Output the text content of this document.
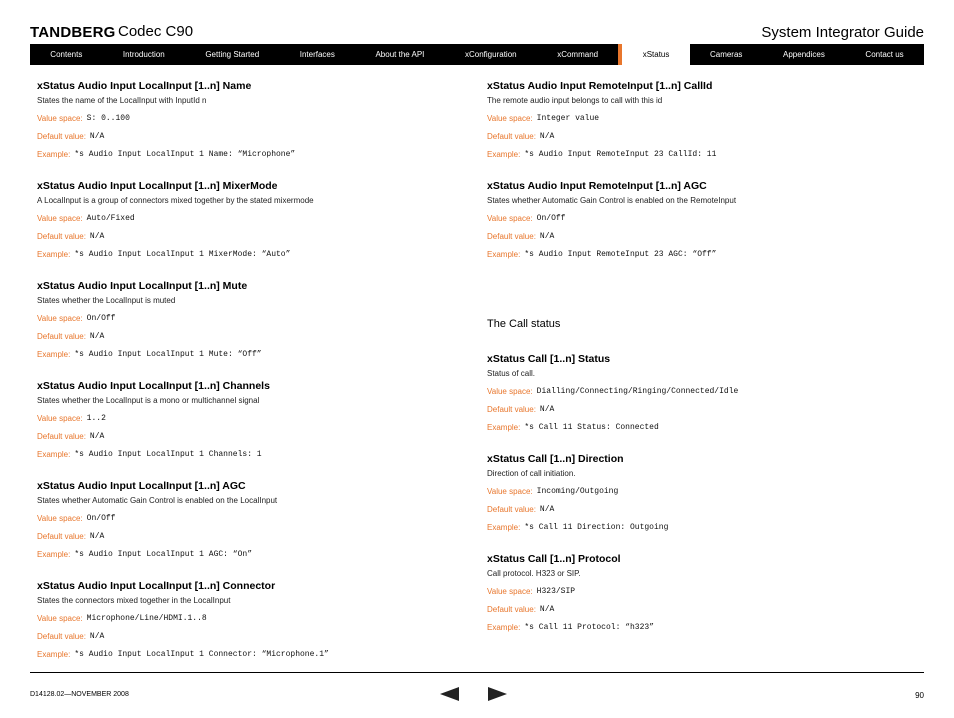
TANDBERG Codec C90	System Integrator Guide
Contents	Introduction	Getting Started	Interfaces	About the API	xConfiguration	xCommand	xStatus	Cameras	Appendices	Contact us
xStatus Audio Input LocalInput [1..n] Name
States the name of the LocalInput with InputId n
Value space: S: 0..100
Default value: N/A
Example: *s Audio Input LocalInput 1 Name: “Microphone”
xStatus Audio Input LocalInput [1..n] MixerMode
A LocalInput is a group of connectors mixed together by the stated mixermode
Value space: Auto/Fixed
Default value: N/A
Example: *s Audio Input LocalInput 1 MixerMode: “Auto”
xStatus Audio Input LocalInput [1..n] Mute
States whether the LocalInput is muted
Value space: On/Off
Default value: N/A
Example: *s Audio Input LocalInput 1 Mute: “Off”
xStatus Audio Input LocalInput [1..n] Channels
States whether the LocalInput is a mono or multichannel signal
Value space: 1..2
Default value: N/A
Example: *s Audio Input LocalInput 1 Channels: 1
xStatus Audio Input LocalInput [1..n] AGC
States whether Automatic Gain Control is enabled on the LocalInput
Value space: On/Off
Default value: N/A
Example: *s Audio Input LocalInput 1 AGC: “On”
xStatus Audio Input LocalInput [1..n] Connector
States the connectors mixed together in the LocalInput
Value space: Microphone/Line/HDMI.1..8
Default value: N/A
Example: *s Audio Input LocalInput 1 Connector: “Microphone.1”
xStatus Audio Input RemoteInput [1..n] CallId
The remote audio input belongs to call with this id
Value space: Integer value
Default value: N/A
Example: *s Audio Input RemoteInput 23 CallId: 11
xStatus Audio Input RemoteInput [1..n] AGC
States whether Automatic Gain Control is enabled on the RemoteInput
Value space: On/Off
Default value: N/A
Example: *s Audio Input RemoteInput 23 AGC: “Off”
The Call status
xStatus Call [1..n] Status
Status of call.
Value space: Dialling/Connecting/Ringing/Connected/Idle
Default value: N/A
Example: *s Call 11 Status: Connected
xStatus Call [1..n] Direction
Direction of call initiation.
Value space: Incoming/Outgoing
Default value: N/A
Example: *s Call 11 Direction: Outgoing
xStatus Call [1..n] Protocol
Call protocol. H323 or SIP.
Value space: H323/SIP
Default value: N/A
Example: *s Call 11 Protocol: “h323”
D14128.02—NOVEMBER 2008	90
